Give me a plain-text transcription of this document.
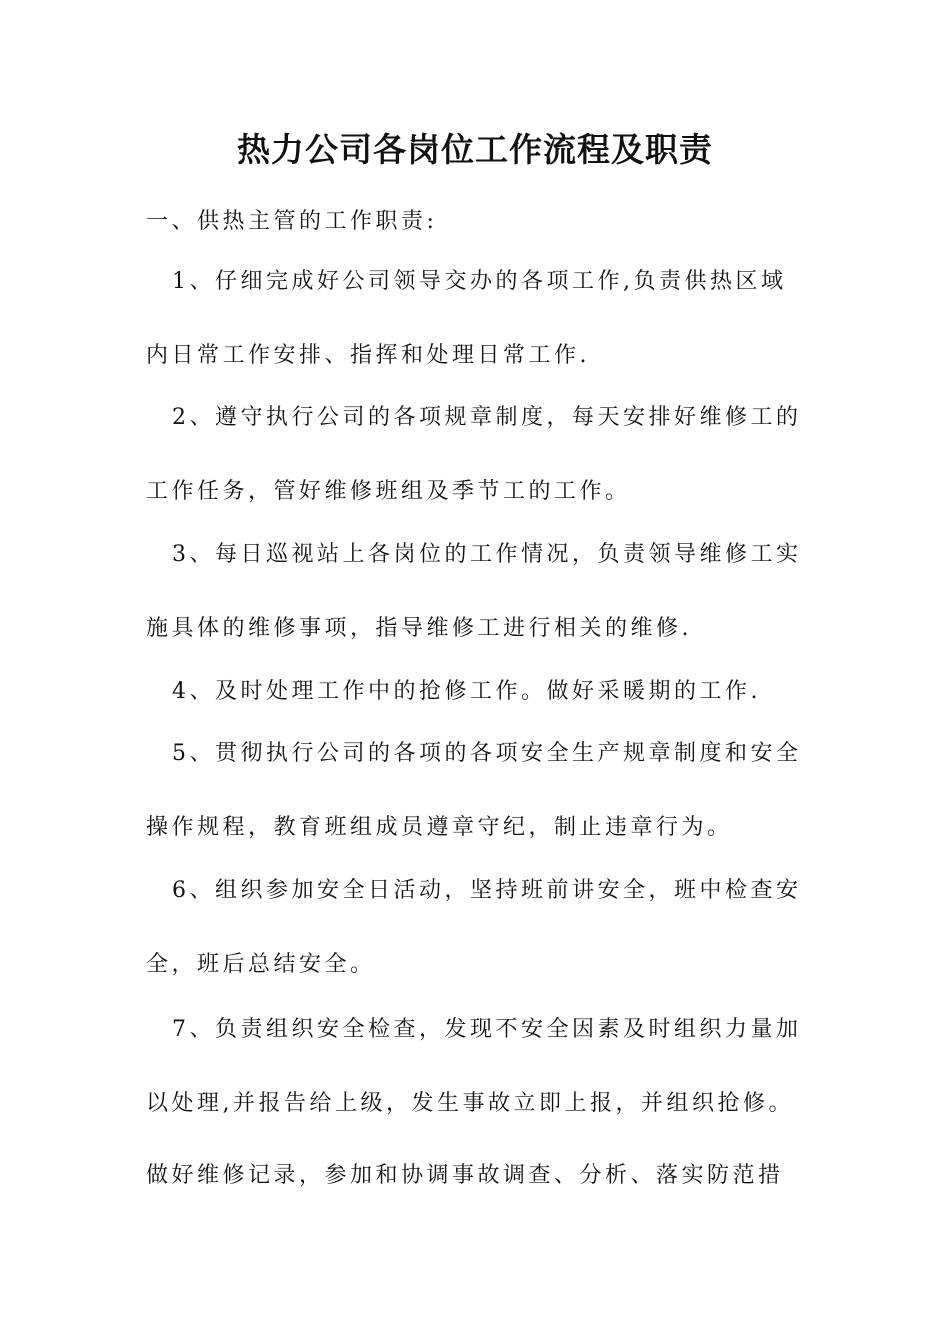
热力公司各岗位工作流程及职责

一、供热主管的工作职责:

1、仔细完成好公司领导交办的各项工作,负责供热区域

内日常工作安排、指挥和处理日常工作.

2、遵守执行公司的各项规章制度，每天安排好维修工的

工作任务，管好维修班组及季节工的工作。

3、每日巡视站上各岗位的工作情况，负责领导维修工实

施具体的维修事项，指导维修工进行相关的维修.

4、及时处理工作中的抢修工作。做好采暖期的工作.

5、贯彻执行公司的各项的各项安全生产规章制度和安全

操作规程，教育班组成员遵章守纪，制止违章行为。

6、组织参加安全日活动，坚持班前讲安全，班中检查安

全，班后总结安全。

7、负责组织安全检查，发现不安全因素及时组织力量加

以处理,并报告给上级，发生事故立即上报，并组织抢修。

做好维修记录，参加和协调事故调查、分析、落实防范措
